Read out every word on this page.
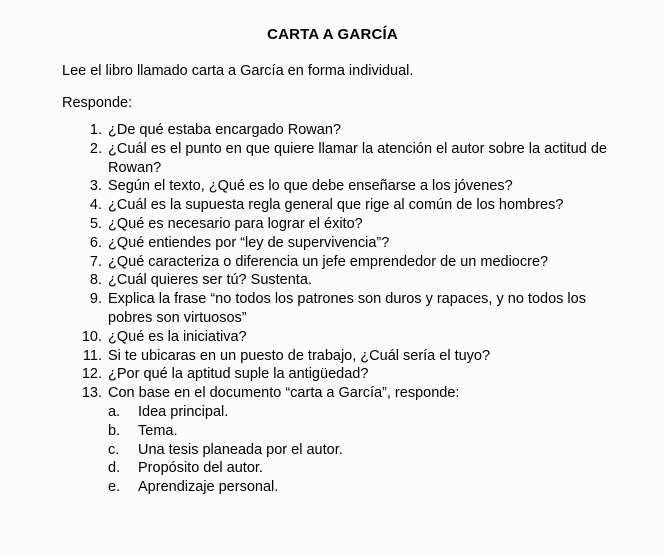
CARTA A GARCÍA
Lee el libro llamado carta a García en forma individual.
Responde:
1. ¿De qué estaba encargado Rowan?
2. ¿Cuál es el punto en que quiere llamar la atención el autor sobre la actitud de Rowan?
3. Según el texto, ¿Qué es lo que debe enseñarse a los jóvenes?
4. ¿Cuál es la supuesta regla general que rige al común de los hombres?
5. ¿Qué es necesario para lograr el éxito?
6. ¿Qué entiendes por “ley de supervivencia”?
7. ¿Qué caracteriza o diferencia un jefe emprendedor de un mediocre?
8. ¿Cuál quieres ser tú? Sustenta.
9. Explica la frase “no todos los patrones son duros y rapaces, y no todos los pobres son virtuosos”
10. ¿Qué es la iniciativa?
11. Si te ubicaras en un puesto de trabajo, ¿Cuál sería el tuyo?
12. ¿Por qué la aptitud suple la antigüedad?
13. Con base en el documento “carta a García”, responde:
a.	Idea principal.
b.	Tema.
c.	Una tesis planeada por el autor.
d.	Propósito del autor.
e.	Aprendizaje personal.
